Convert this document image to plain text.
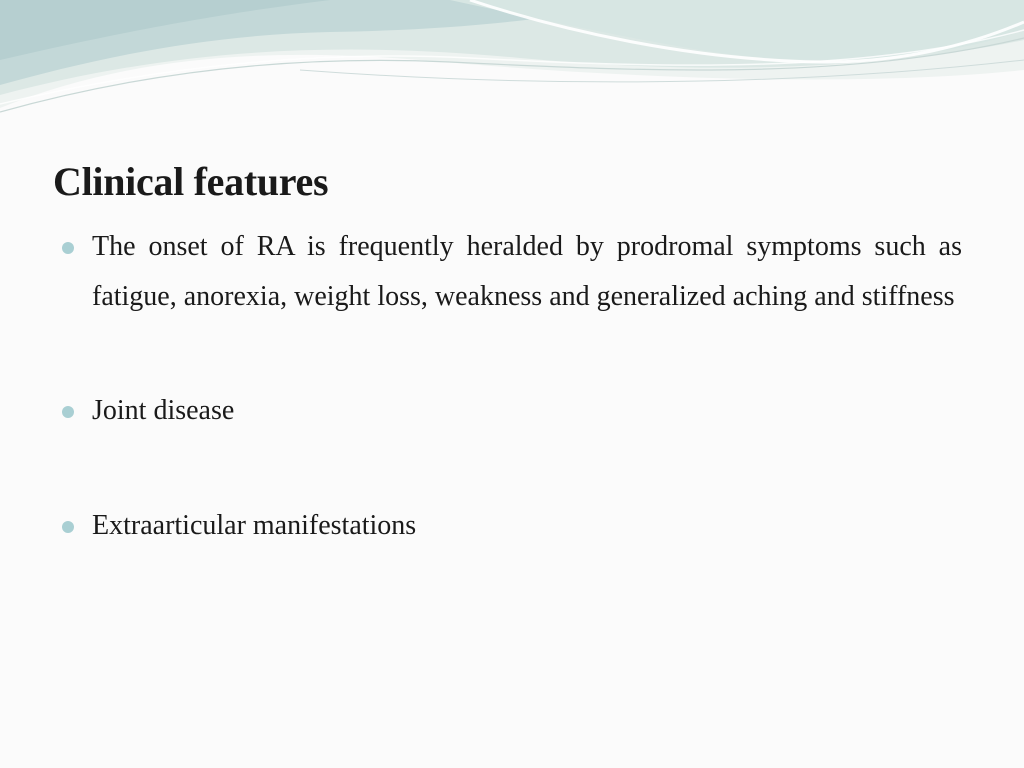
Clinical features
The onset of RA is frequently heralded by prodromal symptoms such as fatigue, anorexia, weight loss, weakness and generalized aching and stiffness
Joint disease
Extraarticular manifestations
